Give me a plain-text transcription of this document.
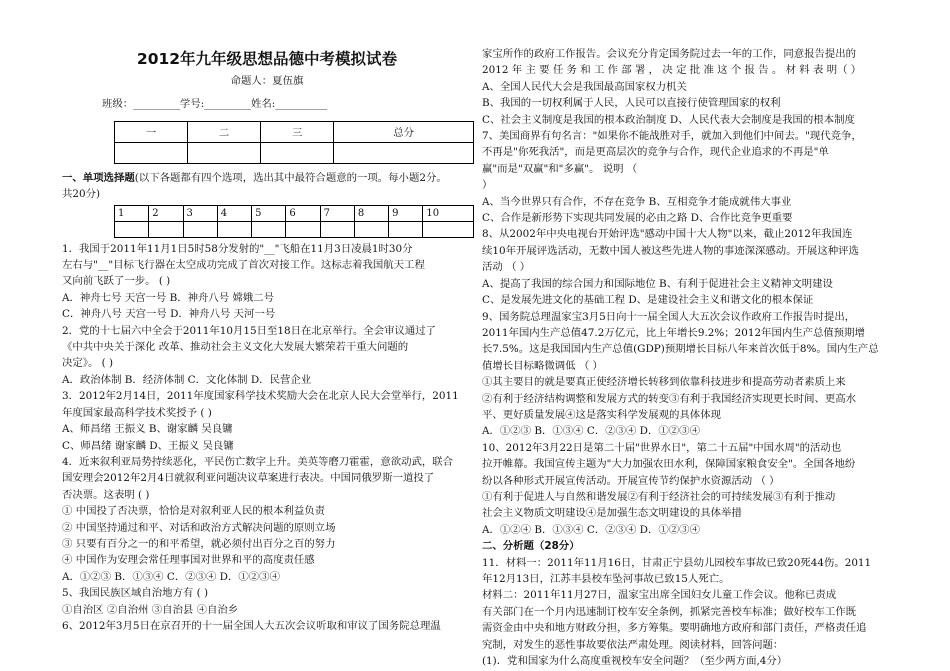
2012年九年级思想品德中考模拟试卷
命题人：夏伍旗
班级：_________学号:_________姓名:__________
一	二	三	总分

一、单项选择题(以下各题都有四个选项，选出其中最符合题意的一项。每小题2分。
共20分)
1	2	3	4	5	6	7	8	9	10

1．我国于2011年11月1日5时58分发射的"__"飞船在11月3日凌晨1时30分
左右与"__"目标飞行器在太空成功完成了首次对接工作。这标志着我国航天工程
又向前飞跃了一步。 ( )
A．神舟七号 天宫一号 B．神舟八号 嫦娥二号
C．神舟八号 天宫一号 D．神舟八号 天河一号
2．党的十七届六中全会于2011年10月15日至18日在北京举行。全会审议通过了
《中共中央关于深化 改革、推动社会主义文化大发展大繁荣若干重大问题的
决定》。 ( )
A．政治体制 B．经济体制 C．文化体制 D．民营企业
3．2012年2月14日，2011年度国家科学技术奖励大会在北京人民大会堂举行，2011
年度国家最高科学技术奖授予 ( )
A、师昌绪 王振义 B、谢家麟 吴良镛
C、师昌绪 谢家麟 D、王振义 吴良镛
4．近来叙利亚局势持续恶化，平民伤亡数字上升。美英等磨刀霍霍，意欲动武，联合
国安理会2012年2月4日就叙利亚问题决议草案进行表决。中国同俄罗斯一道投了
否决票。这表明 ( )
① 中国投了否决票，恰恰是对叙利亚人民的根本利益负责
② 中国坚持通过和平、对话和政治方式解决问题的原则立场
③ 只要有百分之一的和平希望，就必须付出百分之百的努力
④ 中国作为安理会常任理事国对世界和平的高度责任感
A．①②③ B．①③④ C．②③④ D．①②③④
5、我国民族区域自治地方有 ( )
①自治区 ②自治州 ③自治县 ④自治乡
6、2012年3月5日在京召开的十一届全国人大五次会议听取和审议了国务院总理温
家宝所作的政府工作报告。会议充分肯定国务院过去一年的工作，同意报告提出的
2012 年 主 要 任 务 和 工 作 部 署 ， 决 定 批 准 这 个 报 告 。 材 料 表 明（ ）
A、全国人民代大会是我国最高国家权力机关
B、我国的一切权利属于人民，人民可以直接行使管理国家的权利
C、社会主义制度是我国的根本政治制度 D、人民代表大会制度是我国的根本制度
7、美国商界有句名言："如果你不能战胜对手，就加入到他们中间去。"现代竞争，
不再是"你死我活"，而是更高层次的竞争与合作，现代企业追求的不再是"单
赢"而是"双赢"和"多赢"。 说明 （
）
A、当今世界只有合作，不存在竞争 B、互相竞争才能成就伟大事业
C、合作是新形势下实现共同发展的必由之路 D、合作比竞争更重要
8、从2002年中央电视台开始评选"感动中国十大人物"以来，截止2012年我国连
续10年开展评选活动，无数中国人被这些先进人物的事迹深深感动。开展这种评选
活动 （ ）
A、提高了我国的综合国力和国际地位 B、有利于促进社会主义精神文明建设
C、是发展先进文化的基础工程 D、是建设社会主义和谐文化的根本保证
9、国务院总理温家宝3月5日向十一届全国人大五次会议作政府工作报告时提出，
2011年国内生产总值47.2万亿元，比上年增长9.2%；2012年国内生产总值预期增
长7.5%。这是我国国内生产总值(GDP)预期增长目标八年来首次低于8%。国内生产总
值增长目标略微调低 （ ）
①其主要目的就是要真正使经济增长转移到依靠科技进步和提高劳动者素质上来
②有利于经济结构调整和发展方式的转变③有利于我国经济实现更长时间、更高水
平、更好质量发展④这是落实科学发展观的具体体现
A．①②③ B．①③④ C．②③④ D．①②③④
10、2012年3月22日是第二十届"世界水日"，第二十五届"中国水周"的活动也
拉开帷幕。我国宣传主题为"大力加强农田水利，保障国家粮食安全"。全国各地纷
纷以各种形式开展宣传活动。开展宣传节约保护水资源活动 （ ）
①有利于促进人与自然和谐发展②有利于经济社会的可持续发展③有利于推动
社会主义物质文明建设④是加强生态文明建设的具体举措
A．①②④ B．①③④ C．②③④ D．①②③④
二、分析题（28分）
11．材料一：2011年11月16日，甘肃正宁县幼儿园校车事故已致20死44伤。2011
年12月13日，江苏丰县校车坠河事故已致15人死亡。
材料二：2011年11月27日，温家宝出席全国妇女儿童工作会议。他称已责成
有关部门在一个月内迅速制订校车安全条例，抓紧完善校车标准；做好校车工作既
需资金由中央和地方财政分担，多方筹集。要明确地方政府和部门责任，严格责任追
究制，对发生的恶性事故要依法严肃处理。阅读材料，回答问题：
(1)．党和国家为什么高度重视校车安全问题？（至少两方面,4分）
